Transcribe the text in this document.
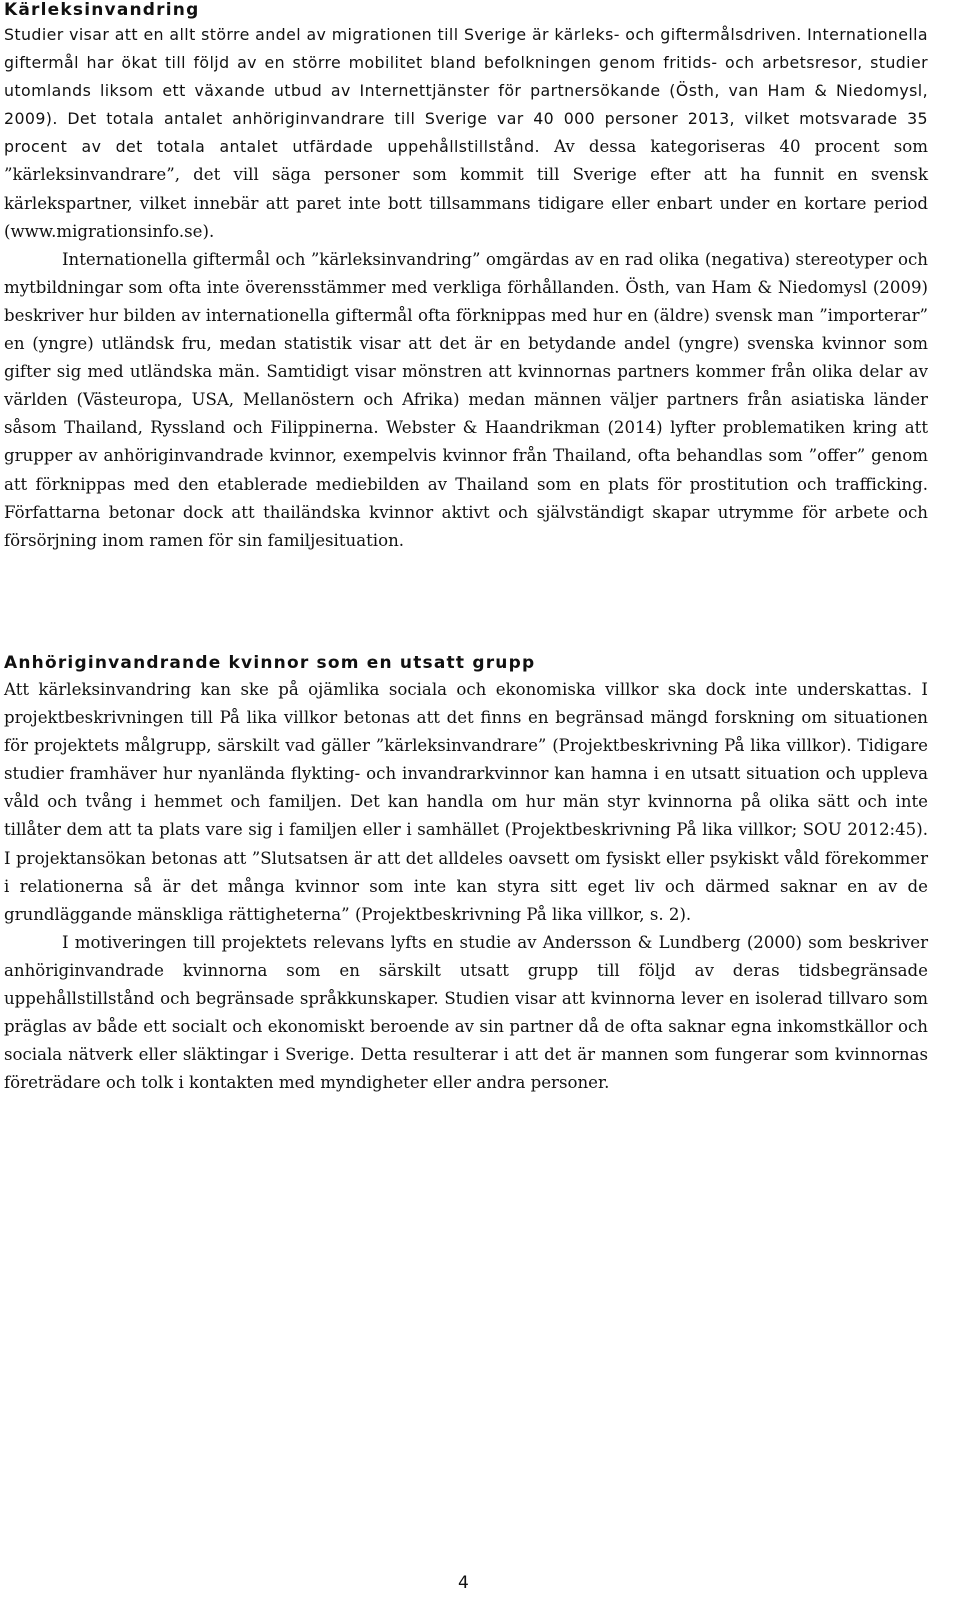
Kärleksinvandring

Studier visar att en allt större andel av migrationen till Sverige är kärleks- och giftermålsdriven. Internationella giftermål har ökat till följd av en större mobilitet bland befolkningen genom fritids- och arbetsresor, studier utomlands liksom ett växande utbud av Internettjänster för partnersökande (Östh, van Ham & Niedomysl, 2009). Det totala antalet anhöriginvandrare till Sverige var 40 000 personer 2013, vilket motsvarade 35 procent av det totala antalet utfärdade uppehållstillstånd. Av dessa kategoriseras 40 procent som ”kärleksinvandrare”, det vill säga personer som kommit till Sverige efter att ha funnit en svensk kärlekspartner, vilket innebär att paret inte bott tillsammans tidigare eller enbart under en kortare period (www.migrationsinfo.se).

Internationella giftermål och ”kärleksinvandring” omgärdas av en rad olika (negativa) stereotyper och mytbildningar som ofta inte överensstämmer med verkliga förhållanden. Östh, van Ham & Niedomysl (2009) beskriver hur bilden av internationella giftermål ofta förknippas med hur en (äldre) svensk man ”importerar” en (yngre) utländsk fru, medan statistik visar att det är en betydande andel (yngre) svenska kvinnor som gifter sig med utländska män. Samtidigt visar mönstren att kvinnornas partners kommer från olika delar av världen (Västeuropa, USA, Mellanöstern och Afrika) medan männen väljer partners från asiatiska länder såsom Thailand, Ryssland och Filippinerna. Webster & Haandrikman (2014) lyfter problematiken kring att grupper av anhöriginvandrade kvinnor, exempelvis kvinnor från Thailand, ofta behandlas som ”offer” genom att förknippas med den etablerade mediebilden av Thailand som en plats för prostitution och trafficking. Författarna betonar dock att thailändska kvinnor aktivt och självständigt skapar utrymme för arbete och försörjning inom ramen för sin familjesituation.

Anhöriginvandrande kvinnor som en utsatt grupp

Att kärleksinvandring kan ske på ojämlika sociala och ekonomiska villkor ska dock inte underskattas. I projektbeskrivningen till På lika villkor betonas att det finns en begränsad mängd forskning om situationen för projektets målgrupp, särskilt vad gäller ”kärleksinvandrare” (Projektbeskrivning På lika villkor). Tidigare studier framhäver hur nyanlända flykting- och invandrarkvinnor kan hamna i en utsatt situation och uppleva våld och tvång i hemmet och familjen. Det kan handla om hur män styr kvinnorna på olika sätt och inte tillåter dem att ta plats vare sig i familjen eller i samhället (Projektbeskrivning På lika villkor; SOU 2012:45). I projektansökan betonas att ”Slutsatsen är att det alldeles oavsett om fysiskt eller psykiskt våld förekommer i relationerna så är det många kvinnor som inte kan styra sitt eget liv och därmed saknar en av de grundläggande mänskliga rättigheterna” (Projektbeskrivning På lika villkor, s. 2).

I motiveringen till projektets relevans lyfts en studie av Andersson & Lundberg (2000) som beskriver anhöriginvandrade kvinnorna som en särskilt utsatt grupp till följd av deras tidsbegränsade uppehållstillstånd och begränsade språkkunskaper. Studien visar att kvinnorna lever en isolerad tillvaro som präglas av både ett socialt och ekonomiskt beroende av sin partner då de ofta saknar egna inkomstkällor och sociala nätverk eller släktingar i Sverige. Detta resulterar i att det är mannen som fungerar som kvinnornas företrädare och tolk i kontakten med myndigheter eller andra personer.

4
